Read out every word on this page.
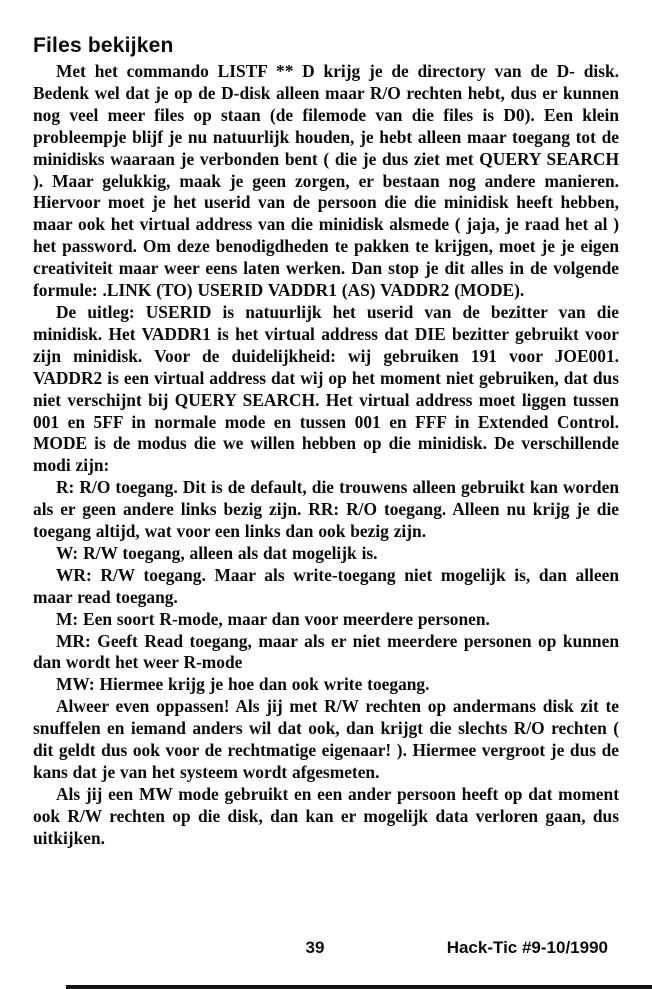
Files bekijken

Met het commando LISTF ** D krijg je de directory van de D- disk. Bedenk wel dat je op de D-disk alleen maar R/O rechten hebt, dus er kunnen nog veel meer files op staan (de filemode van die files is D0). Een klein probleempje blijf je nu natuurlijk houden, je hebt alleen maar toegang tot de minidisks waaraan je verbonden bent ( die je dus ziet met QUERY SEARCH ). Maar gelukkig, maak je geen zorgen, er bestaan nog andere manieren. Hiervoor moet je het userid van de persoon die die minidisk heeft hebben, maar ook het virtual address van die minidisk alsmede ( jaja, je raad het al ) het password. Om deze benodigdheden te pakken te krijgen, moet je je eigen creativiteit maar weer eens laten werken. Dan stop je dit alles in de volgende formule: .LINK (TO) USERID VADDR1 (AS) VADDR2 (MODE).

De uitleg: USERID is natuurlijk het userid van de bezitter van die minidisk. Het VADDR1 is het virtual address dat DIE bezitter gebruikt voor zijn minidisk. Voor de duidelijkheid: wij gebruiken 191 voor JOE001. VADDR2 is een virtual address dat wij op het moment niet gebruiken, dat dus niet verschijnt bij QUERY SEARCH. Het virtual address moet liggen tussen 001 en 5FF in normale mode en tussen 001 en FFF in Extended Control. MODE is de modus die we willen hebben op die minidisk. De verschillende modi zijn:

R: R/O toegang. Dit is de default, die trouwens alleen gebruikt kan worden als er geen andere links bezig zijn. RR: R/O toegang. Alleen nu krijg je die toegang altijd, wat voor een links dan ook bezig zijn.

W: R/W toegang, alleen als dat mogelijk is.

WR: R/W toegang. Maar als write-toegang niet mogelijk is, dan alleen maar read toegang.

M: Een soort R-mode, maar dan voor meerdere personen.

MR: Geeft Read toegang, maar als er niet meerdere personen op kunnen dan wordt het weer R-mode

MW: Hiermee krijg je hoe dan ook write toegang.

Alweer even oppassen! Als jij met R/W rechten op andermans disk zit te snuffelen en iemand anders wil dat ook, dan krijgt die slechts R/O rechten ( dit geldt dus ook voor de rechtmatige eigenaar! ). Hiermee vergroot je dus de kans dat je van het systeem wordt afgesmeten.

Als jij een MW mode gebruikt en een ander persoon heeft op dat moment ook R/W rechten op die disk, dan kan er mogelijk data verloren gaan, dus uitkijken.

39	Hack-Tic #9-10/1990
